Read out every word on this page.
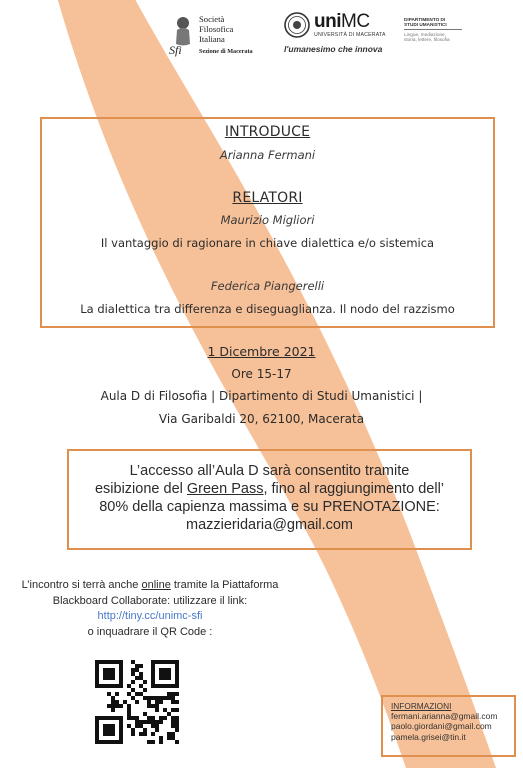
Sfi
Società
Filosofica
Italiana
Sezione di Macerata
uniMC
UNIVERSITÀ DI MACERATA
l'umanesimo che innova
DIPARTIMENTO DI
STUDI UMANISTICI
Lingue, mediazione,
storia, lettere, filosofia
INTRODUCE
Arianna Fermani
RELATORI
Maurizio Migliori
Il vantaggio di ragionare in chiave dialettica e/o sistemica
Federica Piangerelli
La dialettica tra differenza e diseguaglianza. Il nodo del razzismo
1 Dicembre 2021
Ore 15-17
Aula D di Filosofia | Dipartimento di Studi Umanistici |
Via Garibaldi 20, 62100, Macerata
L’accesso all’Aula D sarà consentito tramite
esibizione del Green Pass, fino al raggiungimento dell’
80% della capienza massima e su PRENOTAZIONE:
mazzieridaria@gmail.com
L’incontro si terrà anche online tramite la Piattaforma
Blackboard Collaborate: utilizzare il link:
http://tiny.cc/unimc-sfi
o inquadrare il QR Code :
INFORMAZIONI
fermani.arianna@gmail.com
paolo.giordani@gmail.com
pamela.grisei@tin.it
